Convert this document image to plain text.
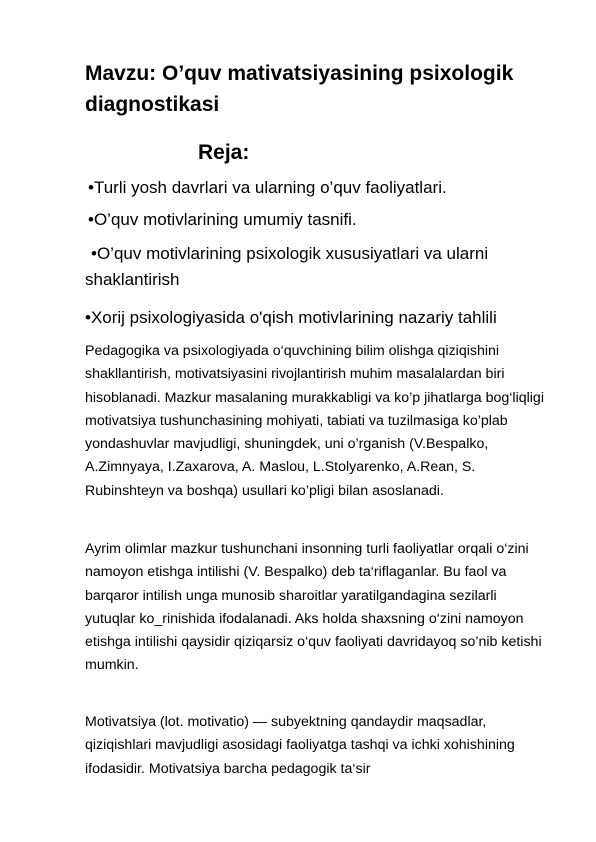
Mavzu: O’quv mativatsiyasining psixologik diagnostikasi
Reja:
•Turli yosh davrlari va ularning o’quv faoliyatlari.
•O’quv motivlarining umumiy tasnifi.
•O’quv motivlarining psixologik xususiyatlari va ularni shaklantirish
•Xorij psixologiyasida o'qish motivlarining nazariy tahlili

Pedagogika va psixologiyada o‘quvchining bilim olishga qiziqishini shakllantirish, motivatsiyasini rivojlantirish muhim masalalardan biri hisoblanadi. Mazkur masalaning murakkabligi va ko’p jihatlarga bog‘liqligi motivatsiya tushunchasining mohiyati, tabiati va tuzilmasiga ko’plab yondashuvlar mavjudligi, shuningdek, uni o’rganish (V.Bespalko, A.Zimnyaya, I.Zaxarova, A. Maslou, L.Stolyarenko, A.Rean, S. Rubinshteyn va boshqa) usullari ko’pligi bilan asoslanadi.

Ayrim olimlar mazkur tushunchani insonning turli faoliyatlar orqali o‘zini namoyon etishga intilishi (V. Bespalko) deb ta‘riflaganlar. Bu faol va barqaror intilish unga munosib sharoitlar yaratilgandagina sezilarli yutuqlar ko_rinishida ifodalanadi. Aks holda shaxsning o‘zini namoyon etishga intilishi qaysidir qiziqarsiz o‘quv faoliyati davridayoq so’nib ketishi mumkin.

Motivatsiya (lot. motivatio) — subyektning qandaydir maqsadlar, qiziqishlari mavjudligi asosidagi faoliyatga tashqi va ichki xohishining ifodasidir. Motivatsiya barcha pedagogik ta‘sir
